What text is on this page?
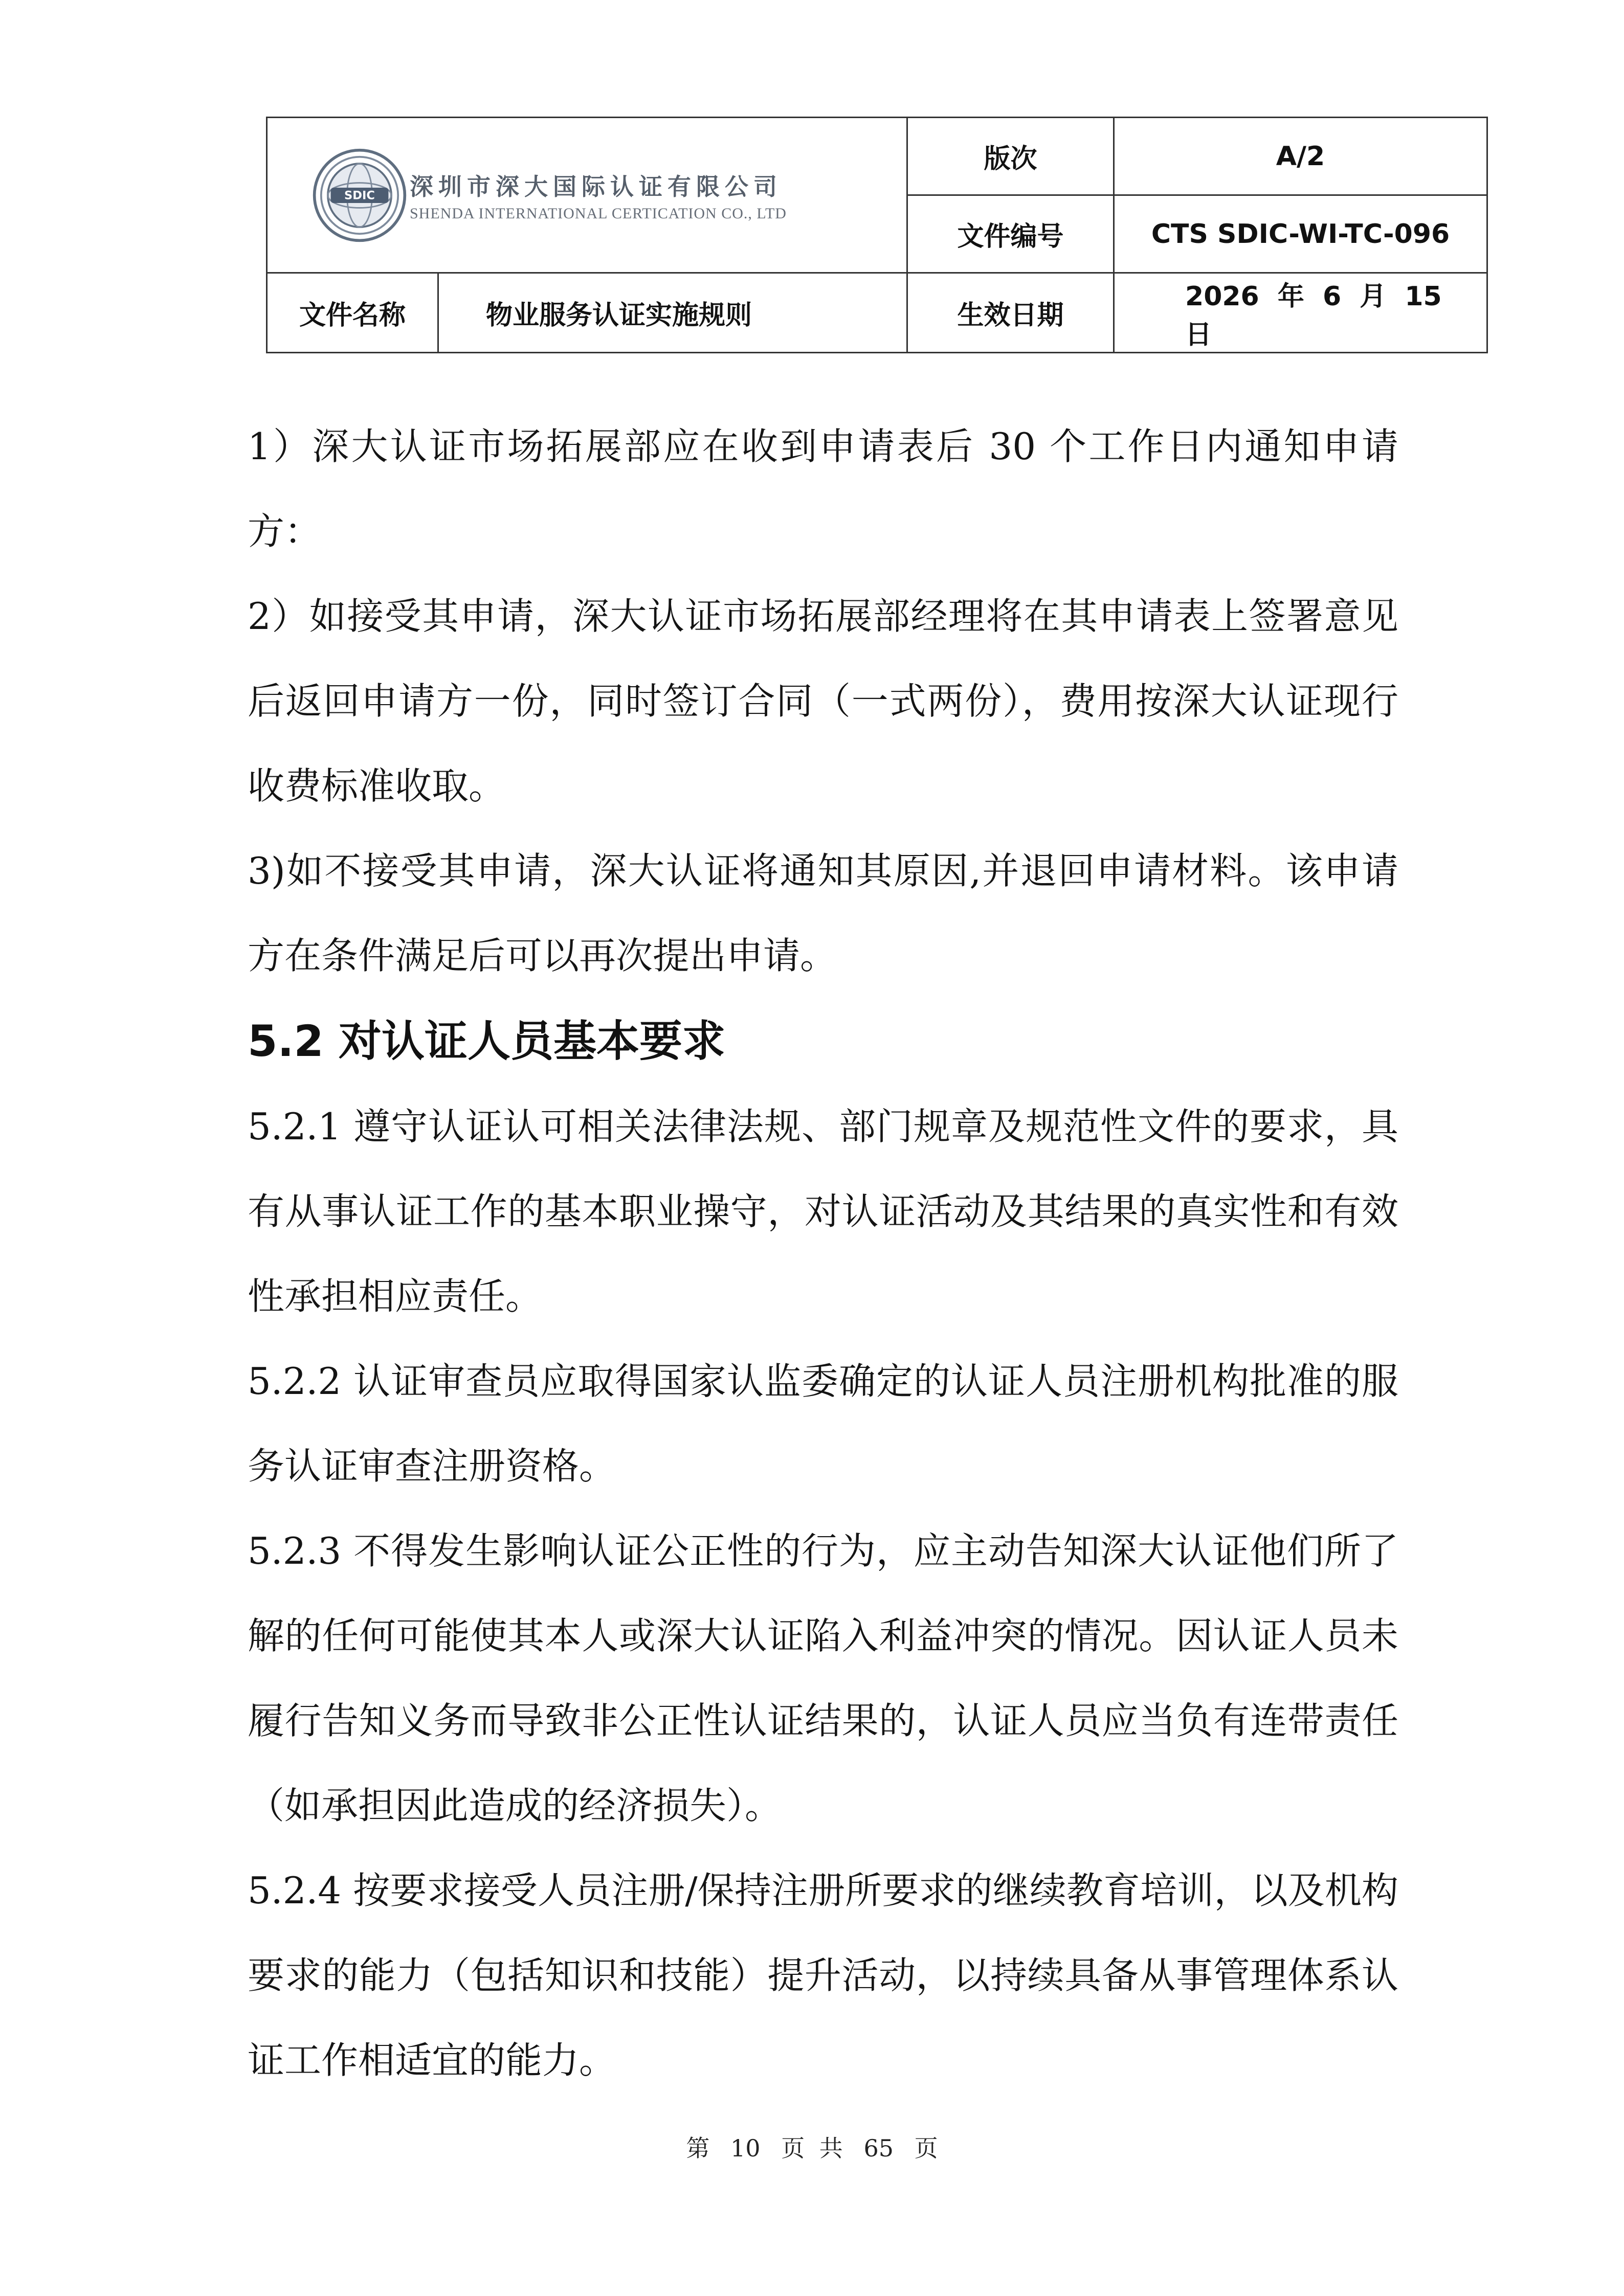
SDIC 深圳市深大国际认证有限公司
SHENDA INTERNATIONAL CERTICATION CO., LTD		版次	A/2
		文件编号	CTS SDIC-WI-TC-096
文件名称	物业服务认证实施规则	生效日期	2026 年 6 月 15 日

1）深大认证市场拓展部应在收到申请表后 30 个工作日内通知申请方：

2）如接受其申请，深大认证市场拓展部经理将在其申请表上签署意见后返回申请方一份，同时签订合同（一式两份），费用按深大认证现行收费标准收取。

3)如不接受其申请，深大认证将通知其原因,并退回申请材料。该申请方在条件满足后可以再次提出申请。

5.2 对认证人员基本要求

5.2.1 遵守认证认可相关法律法规、部门规章及规范性文件的要求，具有从事认证工作的基本职业操守，对认证活动及其结果的真实性和有效性承担相应责任。

5.2.2 认证审查员应取得国家认监委确定的认证人员注册机构批准的服务认证审查注册资格。

5.2.3 不得发生影响认证公正性的行为，应主动告知深大认证他们所了解的任何可能使其本人或深大认证陷入利益冲突的情况。因认证人员未履行告知义务而导致非公正性认证结果的，认证人员应当负有连带责任（如承担因此造成的经济损失）。

5.2.4 按要求接受人员注册/保持注册所要求的继续教育培训，以及机构要求的能力（包括知识和技能）提升活动，以持续具备从事管理体系认证工作相适宜的能力。

第 10 页 共 65 页
